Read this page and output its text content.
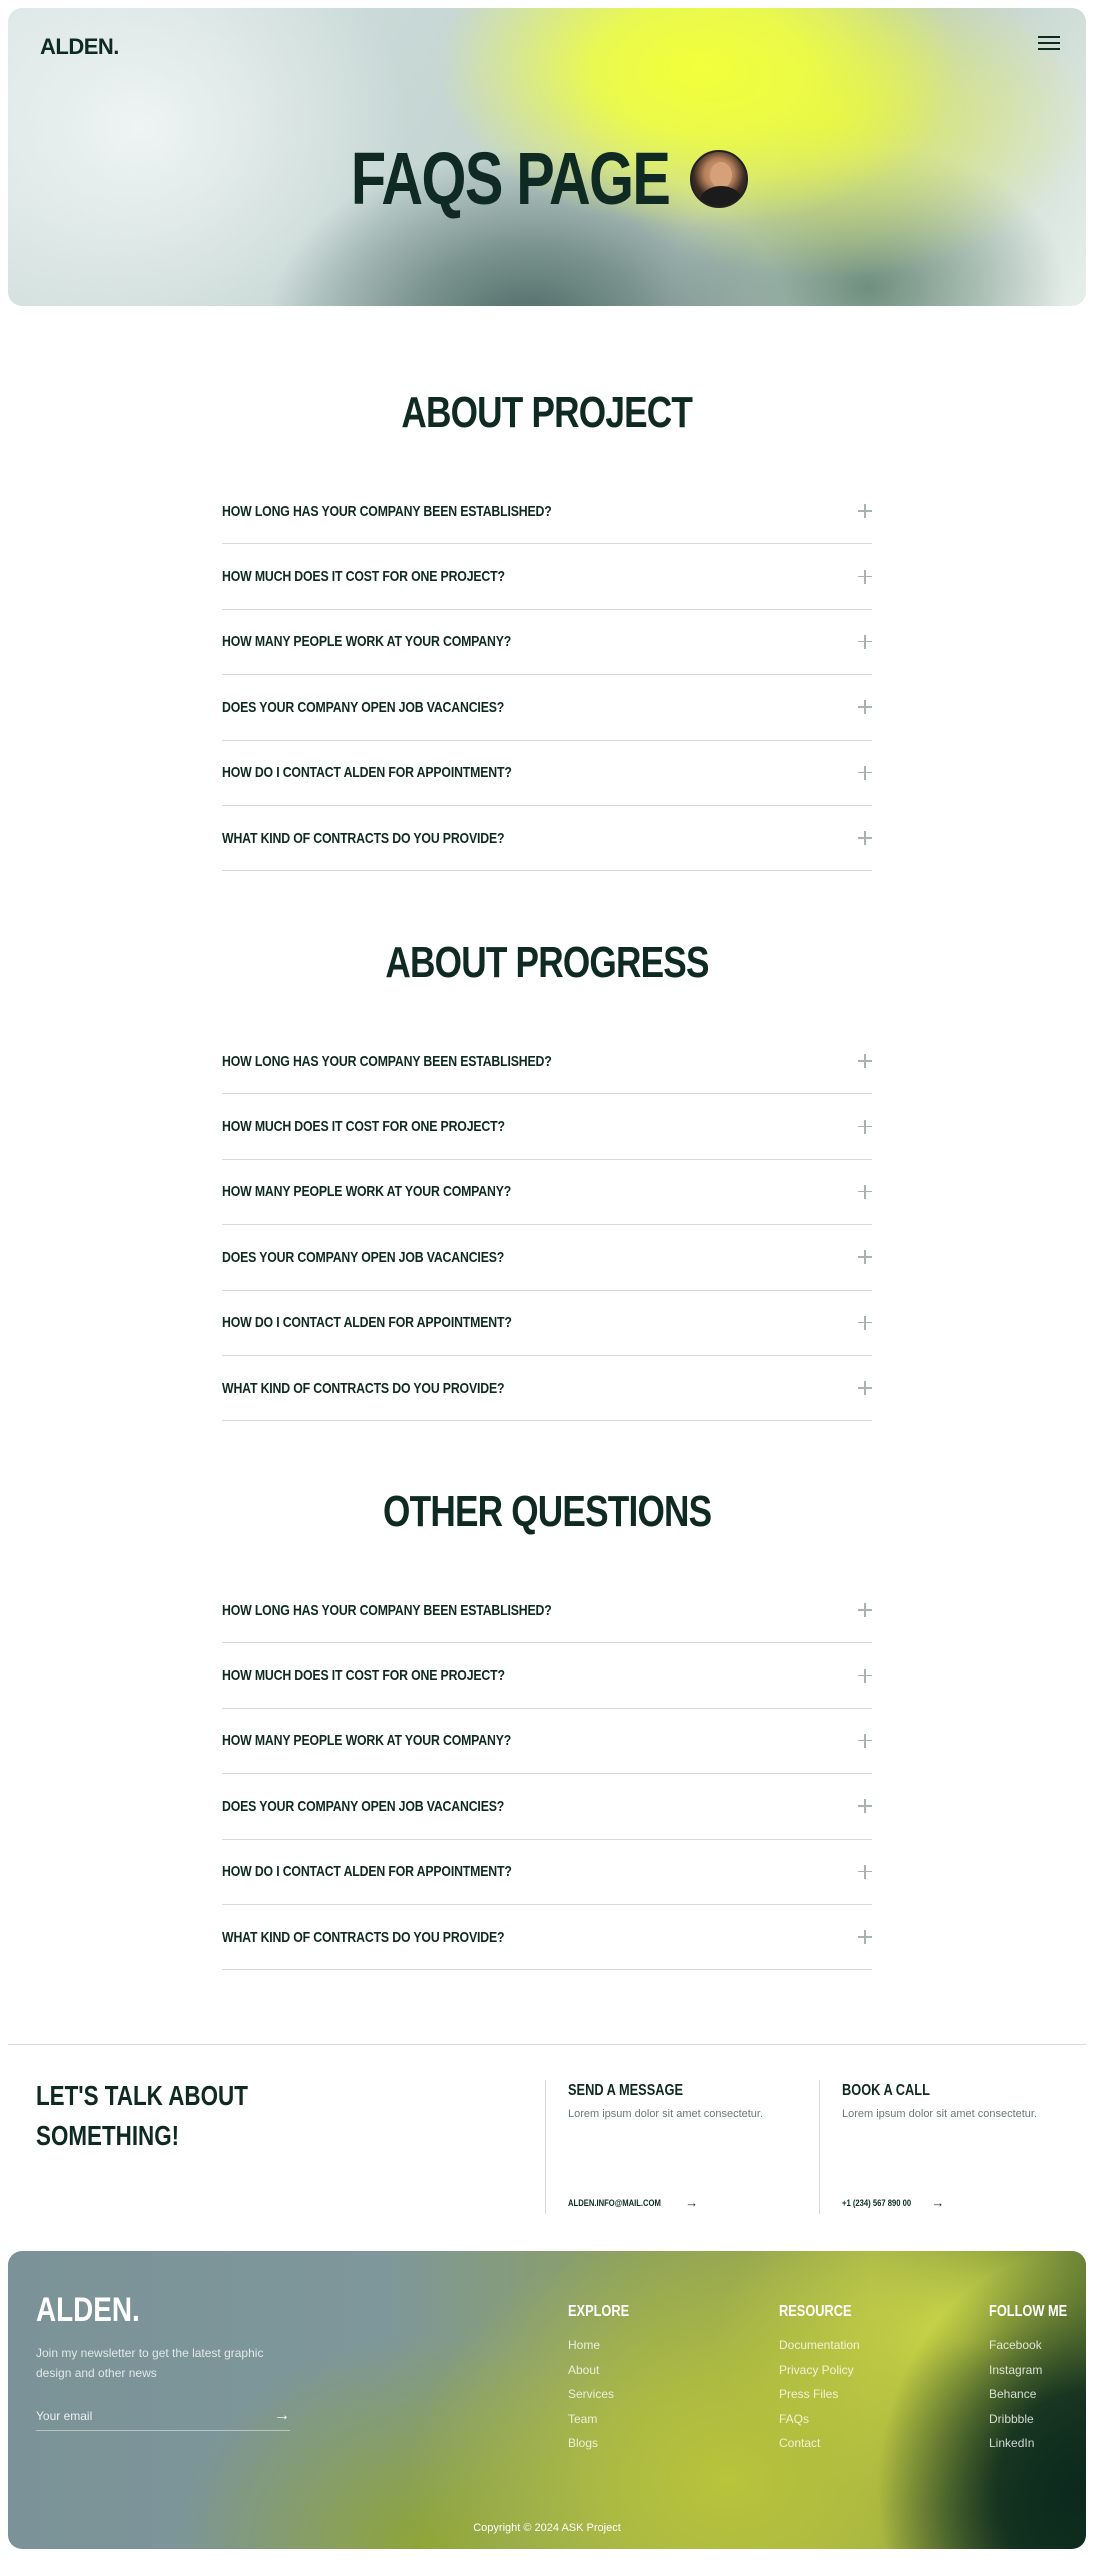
ALDEN.
FAQS PAGE
ABOUT PROJECT
HOW LONG HAS YOUR COMPANY BEEN ESTABLISHED?
HOW MUCH DOES IT COST FOR ONE PROJECT?
HOW MANY PEOPLE WORK AT YOUR COMPANY?
DOES YOUR COMPANY OPEN JOB VACANCIES?
HOW DO I CONTACT ALDEN FOR APPOINTMENT?
WHAT KIND OF CONTRACTS DO YOU PROVIDE?
ABOUT PROGRESS
HOW LONG HAS YOUR COMPANY BEEN ESTABLISHED?
HOW MUCH DOES IT COST FOR ONE PROJECT?
HOW MANY PEOPLE WORK AT YOUR COMPANY?
DOES YOUR COMPANY OPEN JOB VACANCIES?
HOW DO I CONTACT ALDEN FOR APPOINTMENT?
WHAT KIND OF CONTRACTS DO YOU PROVIDE?
OTHER QUESTIONS
HOW LONG HAS YOUR COMPANY BEEN ESTABLISHED?
HOW MUCH DOES IT COST FOR ONE PROJECT?
HOW MANY PEOPLE WORK AT YOUR COMPANY?
DOES YOUR COMPANY OPEN JOB VACANCIES?
HOW DO I CONTACT ALDEN FOR APPOINTMENT?
WHAT KIND OF CONTRACTS DO YOU PROVIDE?
LET'S TALK ABOUT
SOMETHING!
SEND A MESSAGE

Lorem ipsum dolor sit amet consectetur.

ALDEN.INFO@MAIL.COM →
BOOK A CALL

Lorem ipsum dolor sit amet consectetur.

+1 (234) 567 890 00 →
ALDEN.
Join my newsletter to get the latest graphic design and other news
Your email
→
EXPLORE
Home
About
Services
Team
Blogs
RESOURCE
Documentation
Privacy Policy
Press Files
FAQs
Contact
FOLLOW ME
Facebook
Instagram
Behance
Dribbble
LinkedIn
Copyright © 2024 ASK Project
